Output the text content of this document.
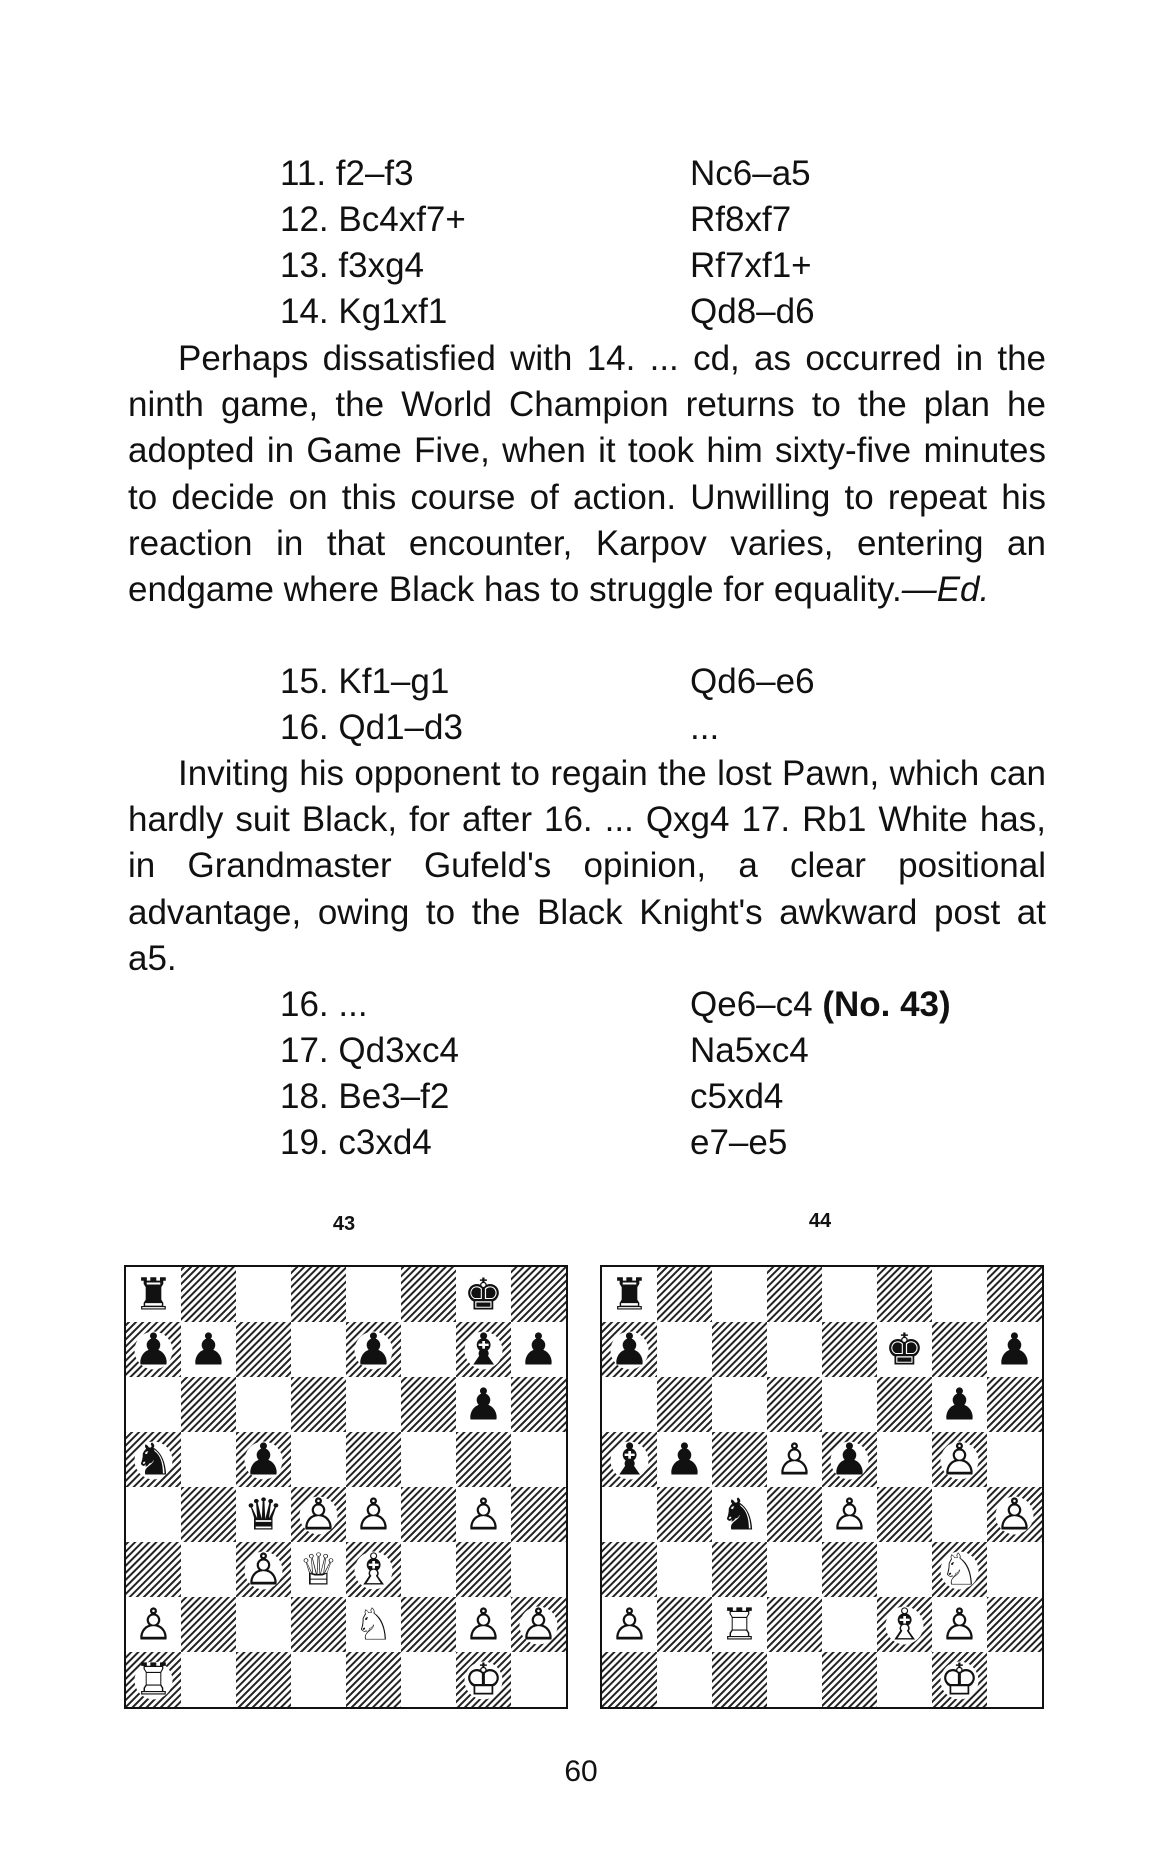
11. f2–f3	Nc6–a5
12. Bc4xf7+	Rf8xf7
13. f3xg4	Rf7xf1+
14. Kg1xf1	Qd8–d6

Perhaps dissatisfied with 14. ... cd, as occurred in the ninth game, the World Champion returns to the plan he adopted in Game Five, when it took him sixty-five minutes to decide on this course of action. Unwilling to repeat his reaction in that encounter, Karpov varies, entering an endgame where Black has to struggle for equality.—Ed.

15. Kf1–g1	Qd6–e6
16. Qd1–d3	...

Inviting his opponent to regain the lost Pawn, which can hardly suit Black, for after 16. ... Qxg4 17. Rb1 White has, in Grandmaster Gufeld's opinion, a clear positional advantage, owing to the Black Knight's awkward post at a5.

16. ...	Qe6–c4 (No. 43)
17. Qd3xc4	Na5xc4
18. Be3–f2	c5xd4
19. c3xd4	e7–e5
43	44
♜	♚
♟ ♟	♟ ♝ ♟
♟
♞ ♟
♛ ♙ ♙ ♙
♙ ♕ ♗
♙	♘ ♙ ♙
♖	♔
♜
♟	♚ ♟
♟
♝ ♟ ♙ ♟ ♙
♞ ♙	♙
♘
♙ ♖	♗ ♙
♔
60
